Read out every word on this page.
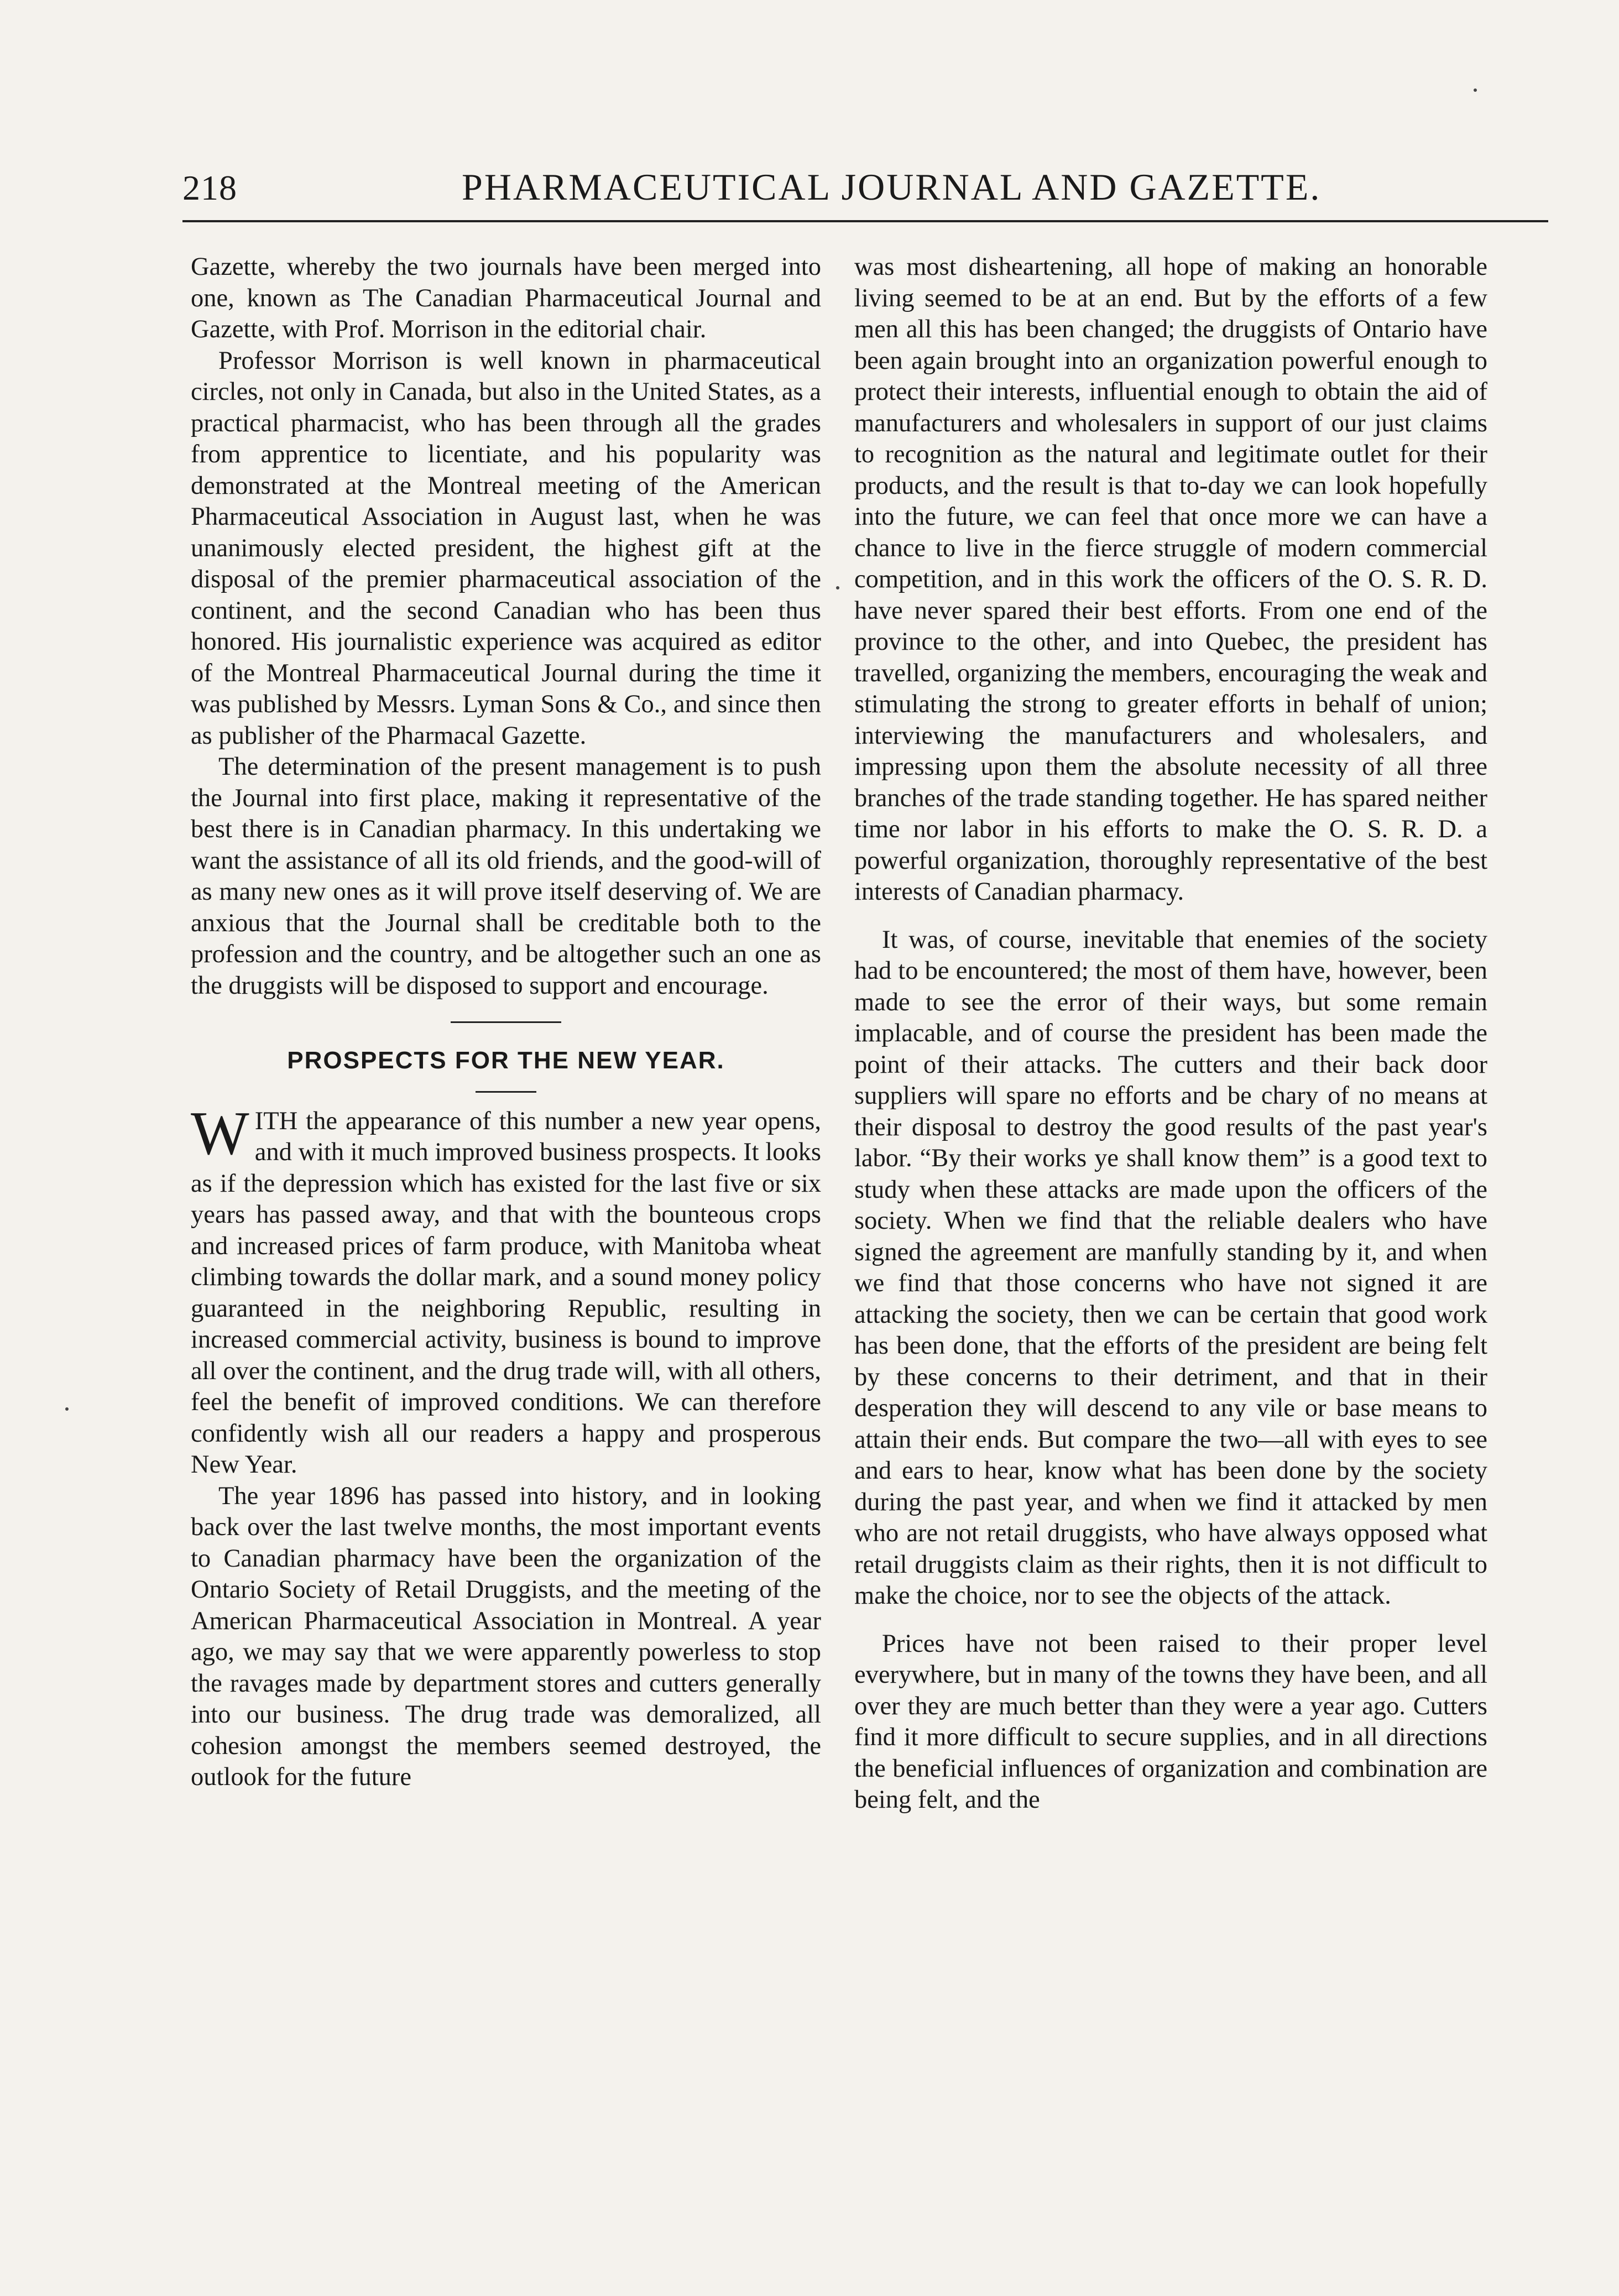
218	PHARMACEUTICAL JOURNAL AND GAZETTE.

Gazette, whereby the two journals have been merged into one, known as The Canadian Pharmaceutical Journal and Gazette, with Prof. Morrison in the editorial chair.

Professor Morrison is well known in pharmaceutical circles, not only in Canada, but also in the United States, as a practical pharmacist, who has been through all the grades from apprentice to licentiate, and his popularity was demonstrated at the Montreal meeting of the American Pharmaceutical Association in August last, when he was unanimously elected president, the highest gift at the disposal of the premier pharmaceutical association of the continent, and the second Canadian who has been thus honored. His journalistic experience was acquired as editor of the Montreal Pharmaceutical Journal during the time it was published by Messrs. Lyman Sons & Co., and since then as publisher of the Pharmacal Gazette.

The determination of the present management is to push the Journal into first place, making it representative of the best there is in Canadian pharmacy. In this undertaking we want the assistance of all its old friends, and the good-will of as many new ones as it will prove itself deserving of. We are anxious that the Journal shall be creditable both to the profession and the country, and be altogether such an one as the druggists will be disposed to support and encourage.

PROSPECTS FOR THE NEW YEAR.

WITH the appearance of this number a new year opens, and with it much improved business prospects. It looks as if the depression which has existed for the last five or six years has passed away, and that with the bounteous crops and increased prices of farm produce, with Manitoba wheat climbing towards the dollar mark, and a sound money policy guaranteed in the neighboring Republic, resulting in increased commercial activity, business is bound to improve all over the continent, and the drug trade will, with all others, feel the benefit of improved conditions. We can therefore confidently wish all our readers a happy and prosperous New Year.

The year 1896 has passed into history, and in looking back over the last twelve months, the most important events to Canadian pharmacy have been the organization of the Ontario Society of Retail Druggists, and the meeting of the American Pharmaceutical Association in Montreal. A year ago, we may say that we were apparently powerless to stop the ravages made by department stores and cutters generally into our business. The drug trade was demoralized, all cohesion amongst the members seemed destroyed, the outlook for the future

was most disheartening, all hope of making an honorable living seemed to be at an end. But by the efforts of a few men all this has been changed; the druggists of Ontario have been again brought into an organization powerful enough to protect their interests, influential enough to obtain the aid of manufacturers and wholesalers in support of our just claims to recognition as the natural and legitimate outlet for their products, and the result is that to-day we can look hopefully into the future, we can feel that once more we can have a chance to live in the fierce struggle of modern commercial competition, and in this work the officers of the O. S. R. D. have never spared their best efforts. From one end of the province to the other, and into Quebec, the president has travelled, organizing the members, encouraging the weak and stimulating the strong to greater efforts in behalf of union; interviewing the manufacturers and wholesalers, and impressing upon them the absolute necessity of all three branches of the trade standing together. He has spared neither time nor labor in his efforts to make the O. S. R. D. a powerful organization, thoroughly representative of the best interests of Canadian pharmacy.

It was, of course, inevitable that enemies of the society had to be encountered; the most of them have, however, been made to see the error of their ways, but some remain implacable, and of course the president has been made the point of their attacks. The cutters and their back door suppliers will spare no efforts and be chary of no means at their disposal to destroy the good results of the past year's labor. “By their works ye shall know them” is a good text to study when these attacks are made upon the officers of the society. When we find that the reliable dealers who have signed the agreement are manfully standing by it, and when we find that those concerns who have not signed it are attacking the society, then we can be certain that good work has been done, that the efforts of the president are being felt by these concerns to their detriment, and that in their desperation they will descend to any vile or base means to attain their ends. But compare the two—all with eyes to see and ears to hear, know what has been done by the society during the past year, and when we find it attacked by men who are not retail druggists, who have always opposed what retail druggists claim as their rights, then it is not difficult to make the choice, nor to see the objects of the attack.

Prices have not been raised to their proper level everywhere, but in many of the towns they have been, and all over they are much better than they were a year ago. Cutters find it more difficult to secure supplies, and in all directions the beneficial influences of organization and combination are being felt, and the
